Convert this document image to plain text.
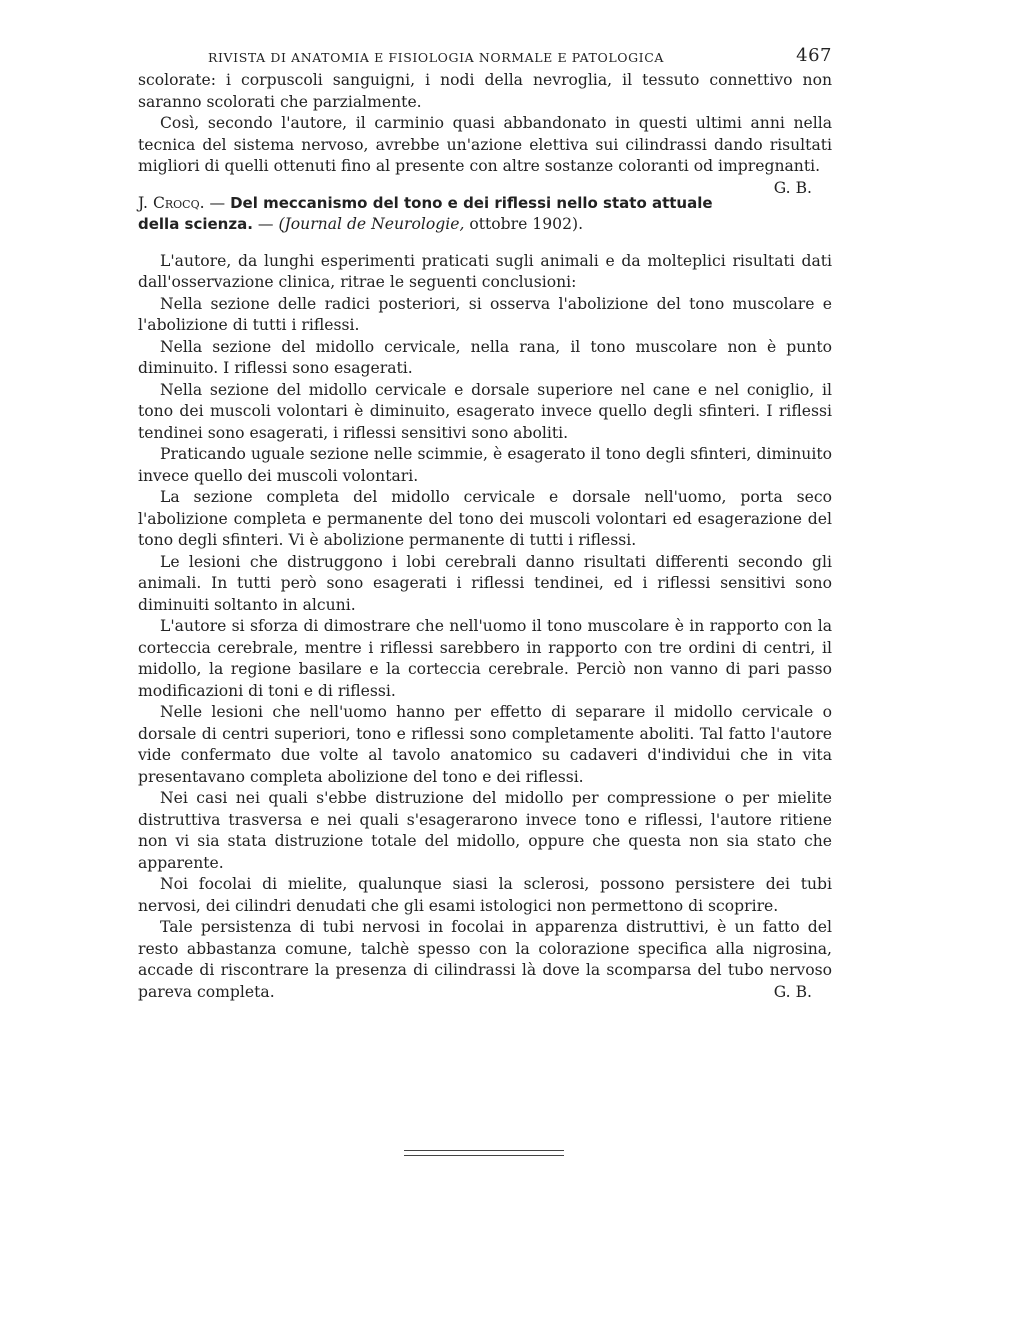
RIVISTA DI ANATOMIA E FISIOLOGIA NORMALE E PATOLOGICA	467

scolorate: i corpuscoli sanguigni, i nodi della nevroglia, il tessuto connettivo non saranno scolorati che parzialmente.

Così, secondo l'autore, il carminio quasi abbandonato in questi ultimi anni nella tecnica del sistema nervoso, avrebbe un'azione elettiva sui cilindrassi dando risultati migliori di quelli ottenuti fino al presente con altre sostanze coloranti od impregnanti.
G. B.
J. Crocq. — Del meccanismo del tono e dei riflessi nello stato attuale della scienza. — (Journal de Neurologie, ottobre 1902).

L'autore, da lunghi esperimenti praticati sugli animali e da molteplici risultati dati dall'osservazione clinica, ritrae le seguenti conclusioni:

Nella sezione delle radici posteriori, si osserva l'abolizione del tono muscolare e l'abolizione di tutti i riflessi.

Nella sezione del midollo cervicale, nella rana, il tono muscolare non è punto diminuito. I riflessi sono esagerati.

Nella sezione del midollo cervicale e dorsale superiore nel cane e nel coniglio, il tono dei muscoli volontari è diminuito, esagerato invece quello degli sfinteri. I riflessi tendinei sono esagerati, i riflessi sensitivi sono aboliti.

Praticando uguale sezione nelle scimmie, è esagerato il tono degli sfinteri, diminuito invece quello dei muscoli volontari.

La sezione completa del midollo cervicale e dorsale nell'uomo, porta seco l'abolizione completa e permanente del tono dei muscoli volontari ed esagerazione del tono degli sfinteri. Vi è abolizione permanente di tutti i riflessi.

Le lesioni che distruggono i lobi cerebrali danno risultati differenti secondo gli animali. In tutti però sono esagerati i riflessi tendinei, ed i riflessi sensitivi sono diminuiti soltanto in alcuni.

L'autore si sforza di dimostrare che nell'uomo il tono muscolare è in rapporto con la corteccia cerebrale, mentre i riflessi sarebbero in rapporto con tre ordini di centri, il midollo, la regione basilare e la corteccia cerebrale. Perciò non vanno di pari passo modificazioni di toni e di riflessi.

Nelle lesioni che nell'uomo hanno per effetto di separare il midollo cervicale o dorsale di centri superiori, tono e riflessi sono completamente aboliti. Tal fatto l'autore vide confermato due volte al tavolo anatomico su cadaveri d'individui che in vita presentavano completa abolizione del tono e dei riflessi.

Nei casi nei quali s'ebbe distruzione del midollo per compressione o per mielite distruttiva trasversa e nei quali s'esagerarono invece tono e riflessi, l'autore ritiene non vi sia stata distruzione totale del midollo, oppure che questa non sia stato che apparente.

Noi focolai di mielite, qualunque siasi la sclerosi, possono persistere dei tubi nervosi, dei cilindri denudati che gli esami istologici non permettono di scoprire.

Tale persistenza di tubi nervosi in focolai in apparenza distruttivi, è un fatto del resto abbastanza comune, talchè spesso con la colorazione specifica alla nigrosina, accade di riscontrare la presenza di cilindrassi là dove la scomparsa del tubo nervoso pareva completa.	G. B.
